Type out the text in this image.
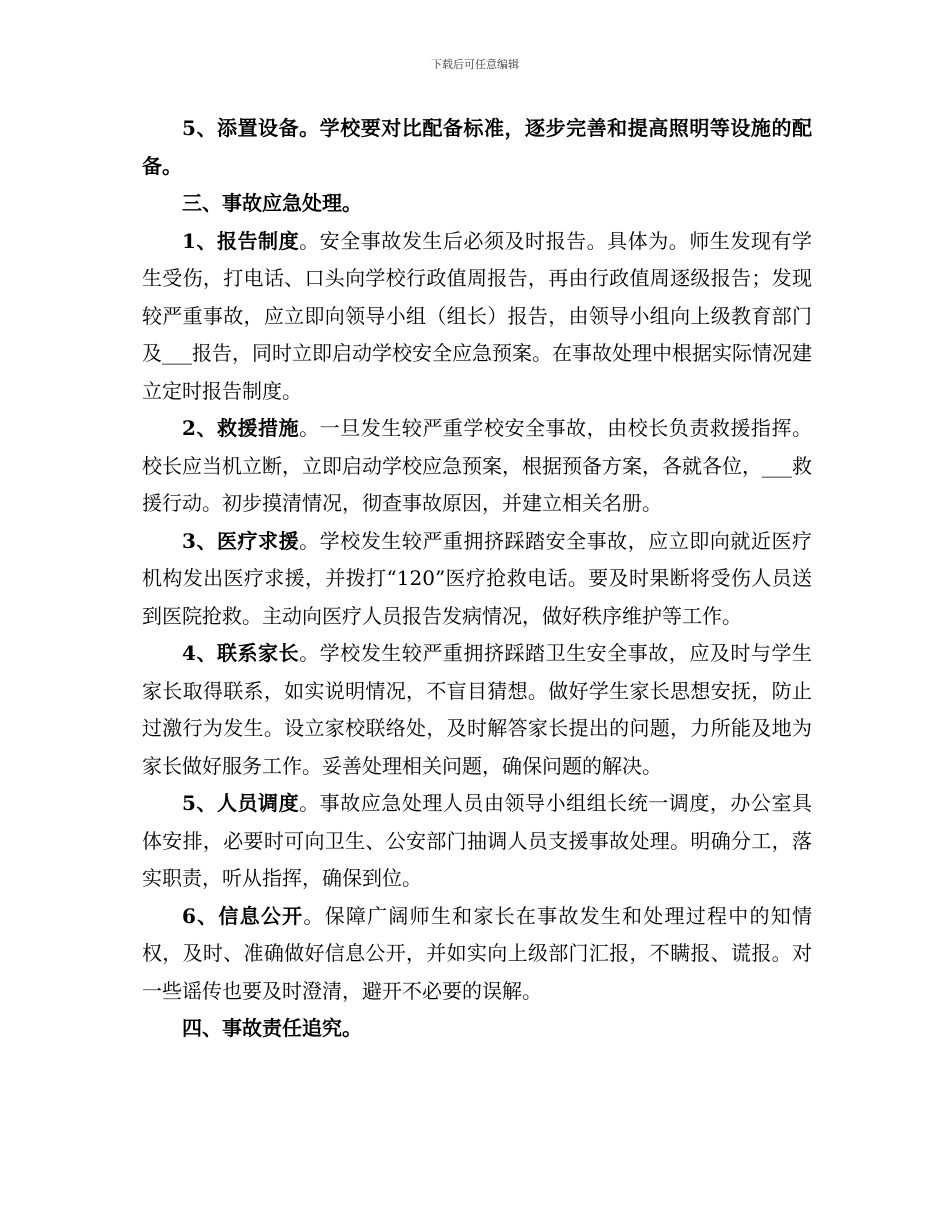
下载后可任意编辑

5、添置设备。学校要对比配备标准，逐步完善和提高照明等设施的配备。

三、事故应急处理。

1、报告制度。安全事故发生后必须及时报告。具体为。师生发现有学生受伤，打电话、口头向学校行政值周报告，再由行政值周逐级报告；发现较严重事故，应立即向领导小组（组长）报告，由领导小组向上级教育部门及___报告，同时立即启动学校安全应急预案。在事故处理中根据实际情况建立定时报告制度。

2、救援措施。一旦发生较严重学校安全事故，由校长负责救援指挥。校长应当机立断，立即启动学校应急预案，根据预备方案，各就各位，___救援行动。初步摸清情况，彻查事故原因，并建立相关名册。

3、医疗求援。学校发生较严重拥挤踩踏安全事故，应立即向就近医疗机构发出医疗求援，并拨打“120”医疗抢救电话。要及时果断将受伤人员送到医院抢救。主动向医疗人员报告发病情况，做好秩序维护等工作。

4、联系家长。学校发生较严重拥挤踩踏卫生安全事故，应及时与学生家长取得联系，如实说明情况，不盲目猜想。做好学生家长思想安抚，防止过激行为发生。设立家校联络处，及时解答家长提出的问题，力所能及地为家长做好服务工作。妥善处理相关问题，确保问题的解决。

5、人员调度。事故应急处理人员由领导小组组长统一调度，办公室具体安排，必要时可向卫生、公安部门抽调人员支援事故处理。明确分工，落实职责，听从指挥，确保到位。

6、信息公开。保障广阔师生和家长在事故发生和处理过程中的知情权，及时、准确做好信息公开，并如实向上级部门汇报，不瞒报、谎报。对一些谣传也要及时澄清，避开不必要的误解。

四、事故责任追究。
